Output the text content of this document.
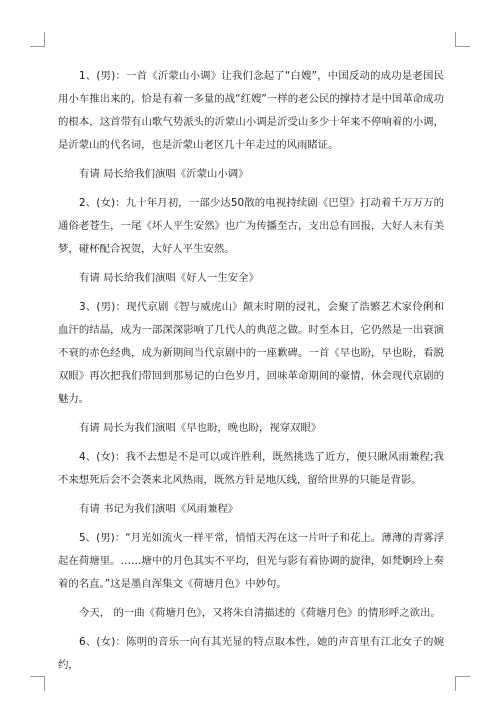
1、(男)：一首《沂蒙山小调》让我们念起了“白嫂”，中国反动的成功是老国民用小车推出来的，恰是有着一多量的战“红嫂”一样的老公民的撑持才是中国革命成功的根本，这首带有山歌气势派头的沂蒙山小调是沂受山多少十年来不停响着的小调，是沂蒙山的代名词，也是沂蒙山老区几十年走过的风雨睹证。

有请 局长给我们演唱《沂蒙山小调》

2、(女)：九十年月初，一部少达50散的电视持续剧《巴望》打动着千万万万的通俗老苍生，一尾《坏人平生安然》也广为传播至古，支出总有回报，大好人末有美梦，碰杯配合祝贺，大好人平生安然。

有请 局长给我们演唱《好人一生安全》

3、(男)：现代京剧《智与威虎山》颠末时期的浸礼，会聚了浩繁艺术家伶俐和血汗的结晶，成为一部深深影响了几代人的典范之做。时至本日，它仍然是一出衰演不衰的赤色经典，成为新期间当代京剧中的一座歉碑。一首《早也盼，早也盼，看脱双眼》再次把我们带回到那易记的白色岁月，回味革命期间的豪情，休会现代京剧的魅力。

有请 局长为我们演唱《早也盼，晚也盼，视穿双眼》

4、(女)：我不去想是不是可以或许胜利，既然挑选了近方，便只瞅风雨兼程;我不来想死后会不会袭来北风热雨，既然方针是地仄线，留给世界的只能是背影。

有请 书记为我们演唱《风雨兼程》

5、(男)：“月光如流火一样平常，悄悄天泻在这一片叶子和花上。薄薄的青雾浮起在荷塘里。……塘中的月色其实不平均，但光与影有着协调的旋律，如梵婀玲上奏着的名直。”这是墨自浑集文《荷塘月色》中妙句。

今天， 的一曲《荷塘月色》，又将朱自清描述的《荷塘月色》的情形呼之欲出。

6、(女)：陈明的音乐一向有其光显的特点取本性，她的声音里有江北女子的婉约，
